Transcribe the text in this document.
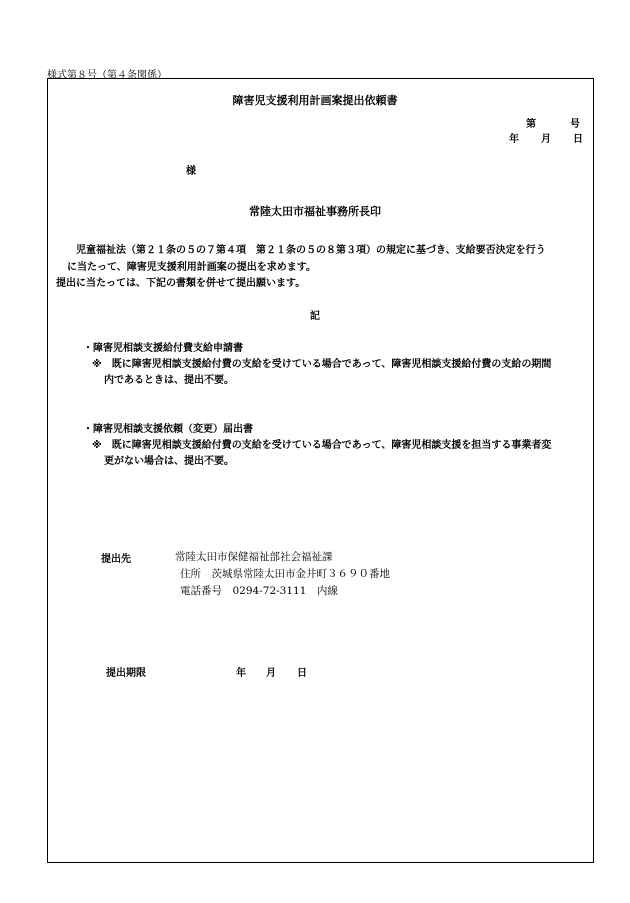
様式第８号（第４条関係）
障害児支援利用計画案提出依頼書
第	号
年 月 日
様
常陸太田市福祉事務所長印
児童福祉法（第２１条の５の７第４項　第２１条の５の８第３項）の規定に基づき、支給要否決定を行う
に当たって、障害児支援利用計画案の提出を求めます。
提出に当たっては、下記の書類を併せて提出願います。
記
・障害児相談支援給付費支給申請書
※　既に障害児相談支援給付費の支給を受けている場合であって、障害児相談支援給付費の支給の期間
内であるときは、提出不要。
・障害児相談支援依頼（変更）届出書
※　既に障害児相談支援給付費の支給を受けている場合であって、障害児相談支援を担当する事業者変
更がない場合は、提出不要。
提出先	常陸太田市保健福祉部社会福祉課
住所　茨城県常陸太田市金井町３６９０番地
電話番号　0294-72-3111　内線
提出期限	年 月 日
